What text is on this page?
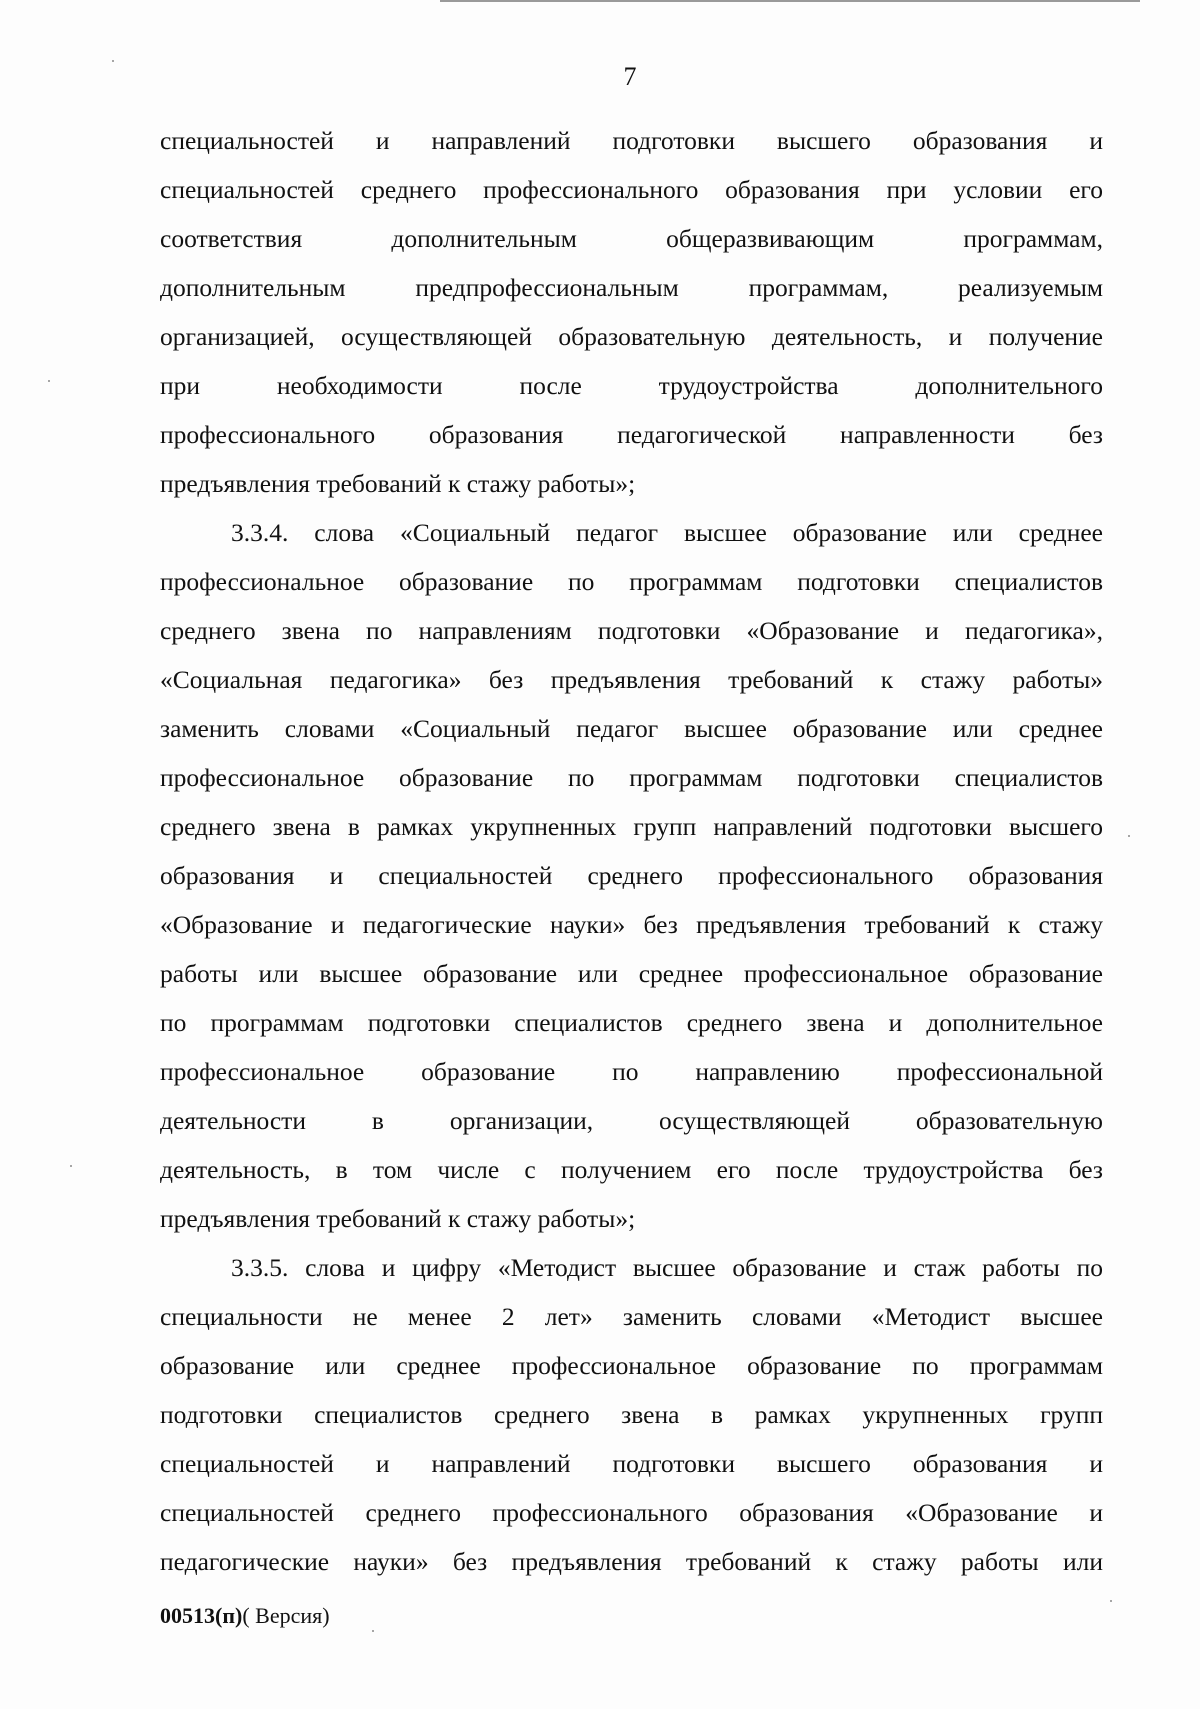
7
специальностей и направлений подготовки высшего образования и
специальностей среднего профессионального образования при условии его
соответствия дополнительным общеразвивающим программам,
дополнительным предпрофессиональным программам, реализуемым
организацией, осуществляющей образовательную деятельность, и получение
при необходимости после трудоустройства дополнительного
профессионального образования педагогической направленности без
предъявления требований к стажу работы»;
3.3.4. слова «Социальный педагог высшее образование или среднее
профессиональное образование по программам подготовки специалистов
среднего звена по направлениям подготовки «Образование и педагогика»,
«Социальная педагогика» без предъявления требований к стажу работы»
заменить словами «Социальный педагог высшее образование или среднее
профессиональное образование по программам подготовки специалистов
среднего звена в рамках укрупненных групп направлений подготовки высшего
образования и специальностей среднего профессионального образования
«Образование и педагогические науки» без предъявления требований к стажу
работы или высшее образование или среднее профессиональное образование
по программам подготовки специалистов среднего звена и дополнительное
профессиональное образование по направлению профессиональной
деятельности в организации, осуществляющей образовательную
деятельность, в том числе с получением его после трудоустройства без
предъявления требований к стажу работы»;
3.3.5. слова и цифру «Методист высшее образование и стаж работы по
специальности не менее 2 лет» заменить словами «Методист высшее
образование или среднее профессиональное образование по программам
подготовки специалистов среднего звена в рамках укрупненных групп
специальностей и направлений подготовки высшего образования и
специальностей среднего профессионального образования «Образование и
педагогические науки» без предъявления требований к стажу работы или
00513(п)( Версия)
